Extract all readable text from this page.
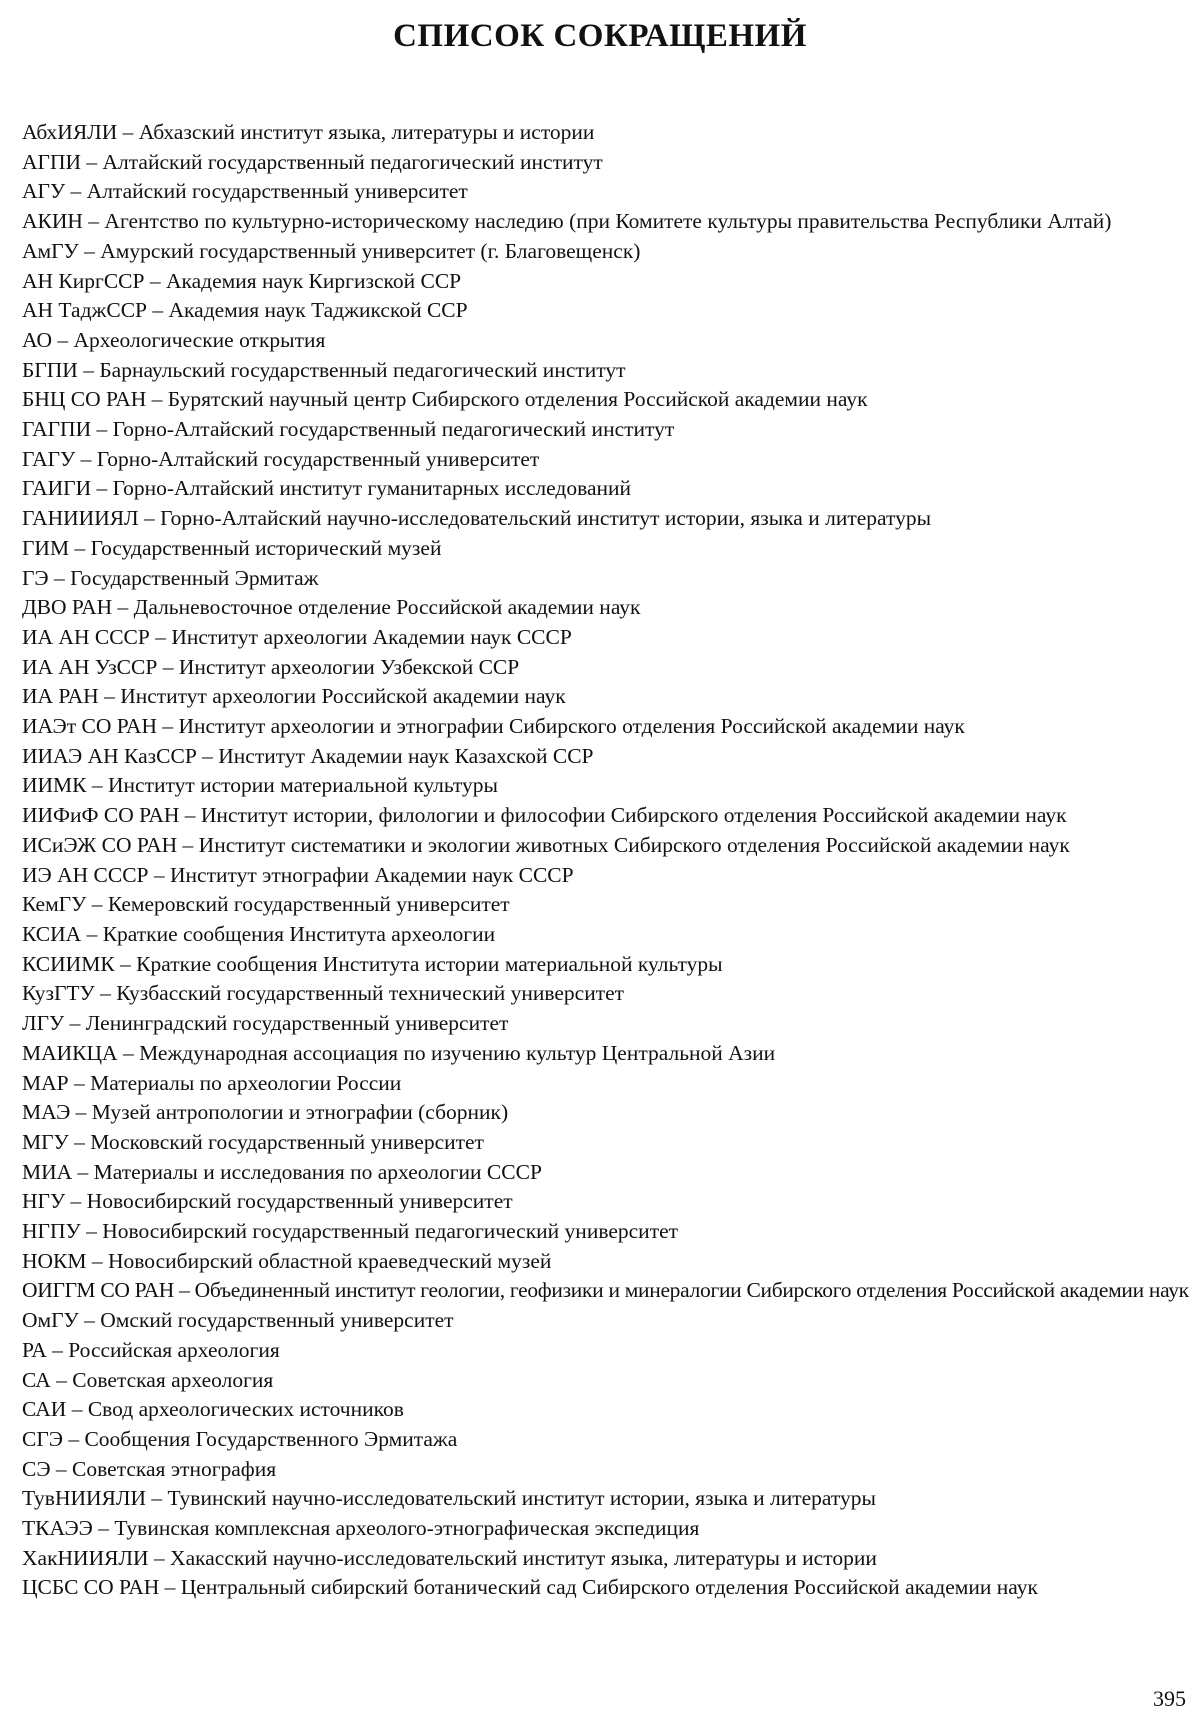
СПИСОК СОКРАЩЕНИЙ
АбхИЯЛИ – Абхазский институт языка, литературы и истории
АГПИ – Алтайский государственный педагогический институт
АГУ – Алтайский государственный университет
АКИН – Агентство по культурно-историческому наследию (при Комитете культуры правительства Республики Алтай)
АмГУ – Амурский государственный университет (г. Благовещенск)
АН КиргССР – Академия наук Киргизской ССР
АН ТаджССР – Академия наук Таджикской ССР
АО – Археологические открытия
БГПИ – Барнаульский государственный педагогический институт
БНЦ СО РАН – Бурятский научный центр Сибирского отделения Российской академии наук
ГАГПИ – Горно-Алтайский государственный педагогический институт
ГАГУ – Горно-Алтайский государственный университет
ГАИГИ – Горно-Алтайский институт гуманитарных исследований
ГАНИИИЯЛ – Горно-Алтайский научно-исследовательский институт истории, языка и литературы
ГИМ – Государственный исторический музей
ГЭ – Государственный Эрмитаж
ДВО РАН – Дальневосточное отделение Российской академии наук
ИА АН СССР – Институт археологии Академии наук СССР
ИА АН УзССР – Институт археологии Узбекской ССР
ИА РАН – Институт археологии Российской академии наук
ИАЭт СО РАН – Институт археологии и этнографии Сибирского отделения Российской академии наук
ИИАЭ АН КазССР – Институт Академии наук Казахской ССР
ИИМК – Институт истории материальной культуры
ИИФиФ СО РАН – Институт истории, филологии и философии Сибирского отделения Российской академии наук
ИСиЭЖ СО РАН – Институт систематики и экологии животных Сибирского отделения Российской академии наук
ИЭ АН СССР – Институт этнографии Академии наук СССР
КемГУ – Кемеровский государственный университет
КСИА – Краткие сообщения Института археологии
КСИИМК – Краткие сообщения Института истории материальной культуры
КузГТУ – Кузбасский государственный технический университет
ЛГУ – Ленинградский государственный университет
МАИКЦА – Международная ассоциация по изучению культур Центральной Азии
МАР – Материалы по археологии России
МАЭ – Музей антропологии и этнографии (сборник)
МГУ – Московский государственный университет
МИА – Материалы и исследования по археологии СССР
НГУ – Новосибирский государственный университет
НГПУ – Новосибирский государственный педагогический университет
НОКМ – Новосибирский областной краеведческий музей
ОИГГМ СО РАН – Объединенный институт геологии, геофизики и минералогии Сибирского отделения Российской академии наук
ОмГУ – Омский государственный университет
РА – Российская археология
СА – Советская археология
САИ – Свод археологических источников
СГЭ – Сообщения Государственного Эрмитажа
СЭ – Советская этнография
ТувНИИЯЛИ – Тувинский научно-исследовательский институт истории, языка и литературы
ТКАЭЭ – Тувинская комплексная археолого-этнографическая экспедиция
ХакНИИЯЛИ – Хакасский научно-исследовательский институт языка, литературы и истории
ЦСБС СО РАН – Центральный сибирский ботанический сад Сибирского отделения Российской академии наук
395
